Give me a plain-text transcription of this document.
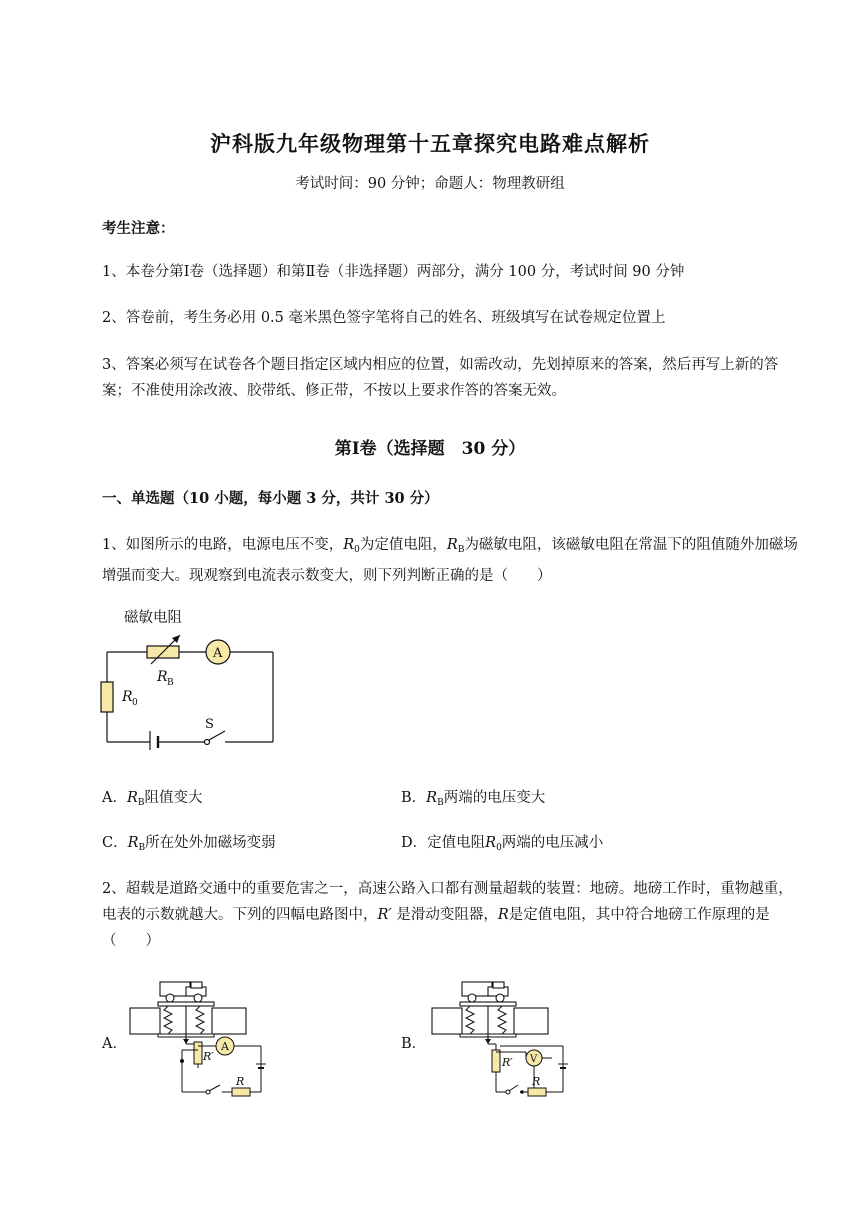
沪科版九年级物理第十五章探究电路难点解析
考试时间：90 分钟；命题人：物理教研组
考生注意：
1、本卷分第Ⅰ卷（选择题）和第Ⅱ卷（非选择题）两部分，满分 100 分，考试时间 90 分钟
2、答卷前，考生务必用 0.5 毫米黑色签字笔将自己的姓名、班级填写在试卷规定位置上
3、答案必须写在试卷各个题目指定区域内相应的位置，如需改动，先划掉原来的答案，然后再写上新的答案；不准使用涂改液、胶带纸、修正带，不按以上要求作答的答案无效。
第Ⅰ卷（选择题　30 分）
一、单选题（10 小题，每小题 3 分，共计 30 分）
1、如图所示的电路，电源电压不变，$R_0$为定值电阻，$R_B$为磁敏电阻，该磁敏电阻在常温下的阻值随外加磁场增强而变大。现观察到电流表示数变大，则下列判断正确的是（　　）
磁敏电阻
R B
A
R 0
S
A．$R_B$阻值变大	B．$R_B$两端的电压变大
C．$R_B$所在处外加磁场变弱	D．定值电阻$R_0$两端的电压减小
2、超载是道路交通中的重要危害之一，高速公路入口都有测量超载的装置：地磅。地磅工作时，重物越重，电表的示数就越大。下列的四幅电路图中，R′ 是滑动变阻器，R是定值电阻，其中符合地磅工作原理的是（　　）
A．	B．
R′
A
R
R′ V
R
